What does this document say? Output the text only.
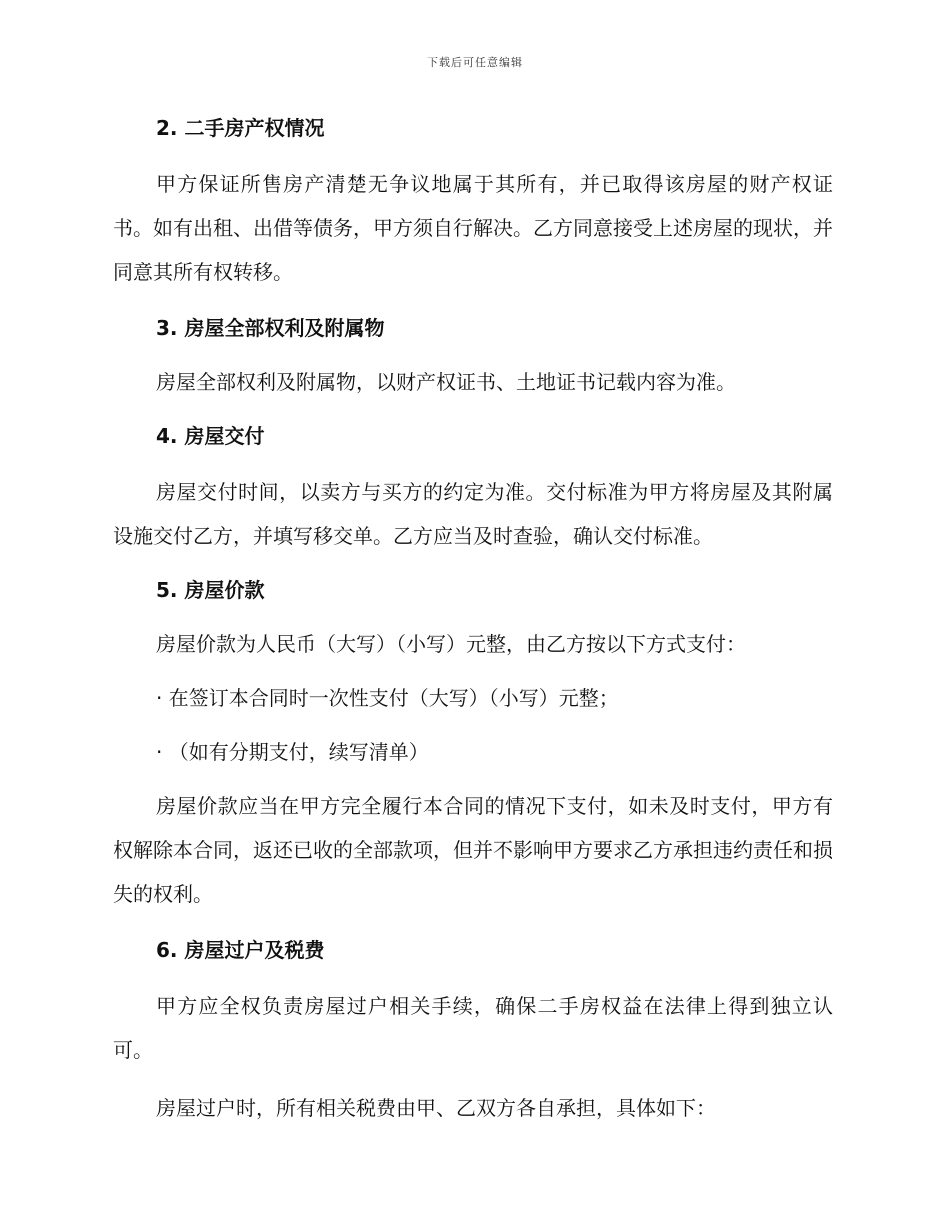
下载后可任意编辑
2. 二手房产权情况
甲方保证所售房产清楚无争议地属于其所有，并已取得该房屋的财产权证书。如有出租、出借等债务，甲方须自行解决。乙方同意接受上述房屋的现状，并同意其所有权转移。
3. 房屋全部权利及附属物
房屋全部权利及附属物，以财产权证书、土地证书记载内容为准。
4. 房屋交付
房屋交付时间，以卖方与买方的约定为准。交付标准为甲方将房屋及其附属设施交付乙方，并填写移交单。乙方应当及时查验，确认交付标准。
5. 房屋价款
房屋价款为人民币（大写）（小写）元整，由乙方按以下方式支付：
· 在签订本合同时一次性支付（大写）（小写）元整；
· （如有分期支付，续写清单）
房屋价款应当在甲方完全履行本合同的情况下支付，如未及时支付，甲方有权解除本合同，返还已收的全部款项，但并不影响甲方要求乙方承担违约责任和损失的权利。
6. 房屋过户及税费
甲方应全权负责房屋过户相关手续，确保二手房权益在法律上得到独立认可。
房屋过户时，所有相关税费由甲、乙双方各自承担，具体如下：
